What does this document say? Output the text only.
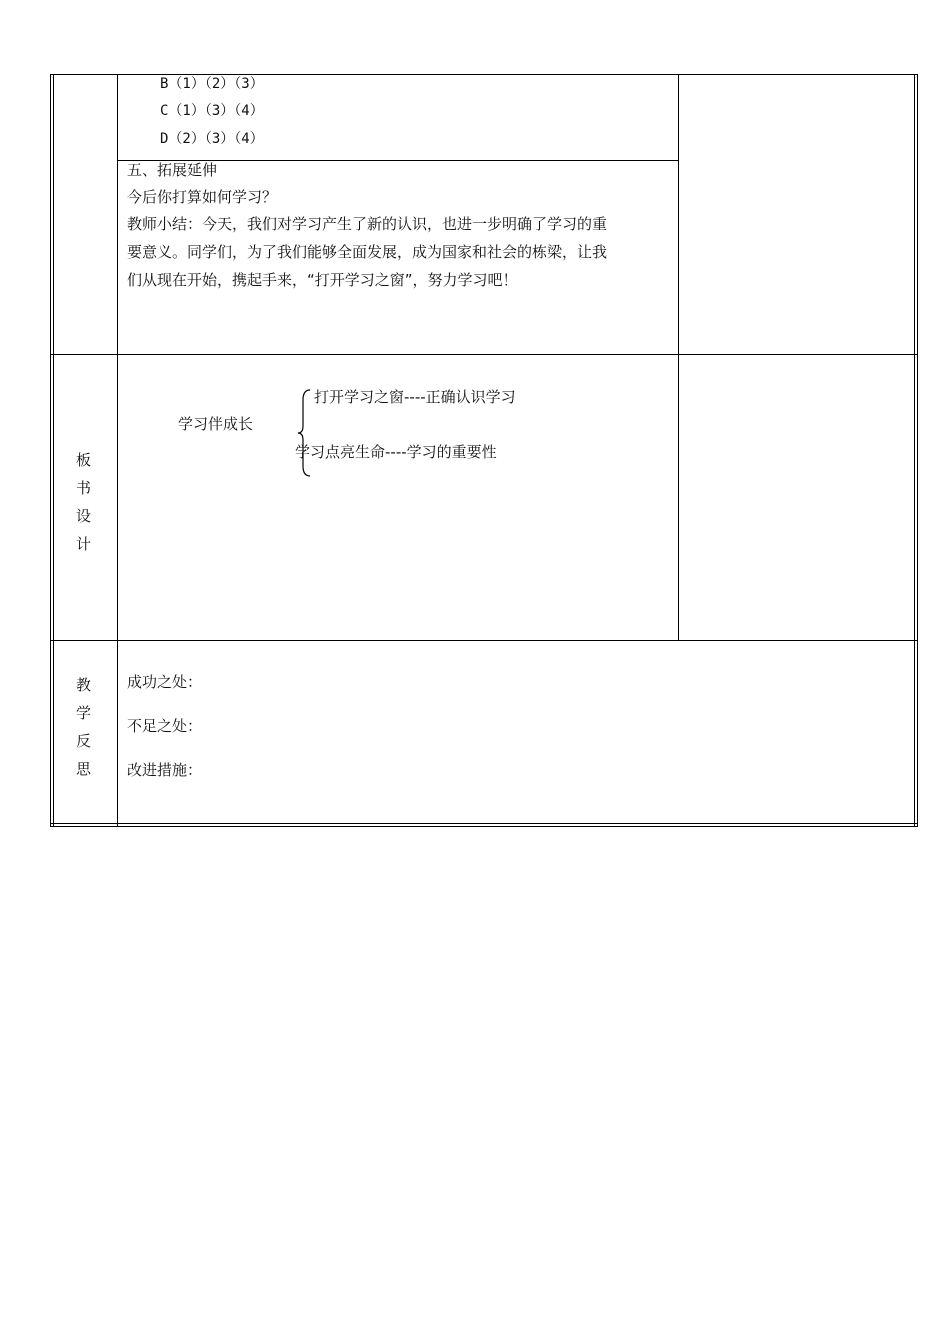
B（1）（2）（3）
C（1）（3）（4）
D（2）（3）（4）
五、拓展延伸
今后你打算如何学习？
教师小结：今天，我们对学习产生了新的认识，也进一步明确了学习的重
要意义。同学们，为了我们能够全面发展，成为国家和社会的栋梁，让我
们从现在开始，携起手来，“打开学习之窗”，努力学习吧！
板
书
设
计
学习伴成长
打开学习之窗----正确认识学习
学习点亮生命----学习的重要性
教
学
反
思
成功之处：
不足之处：
改进措施：
